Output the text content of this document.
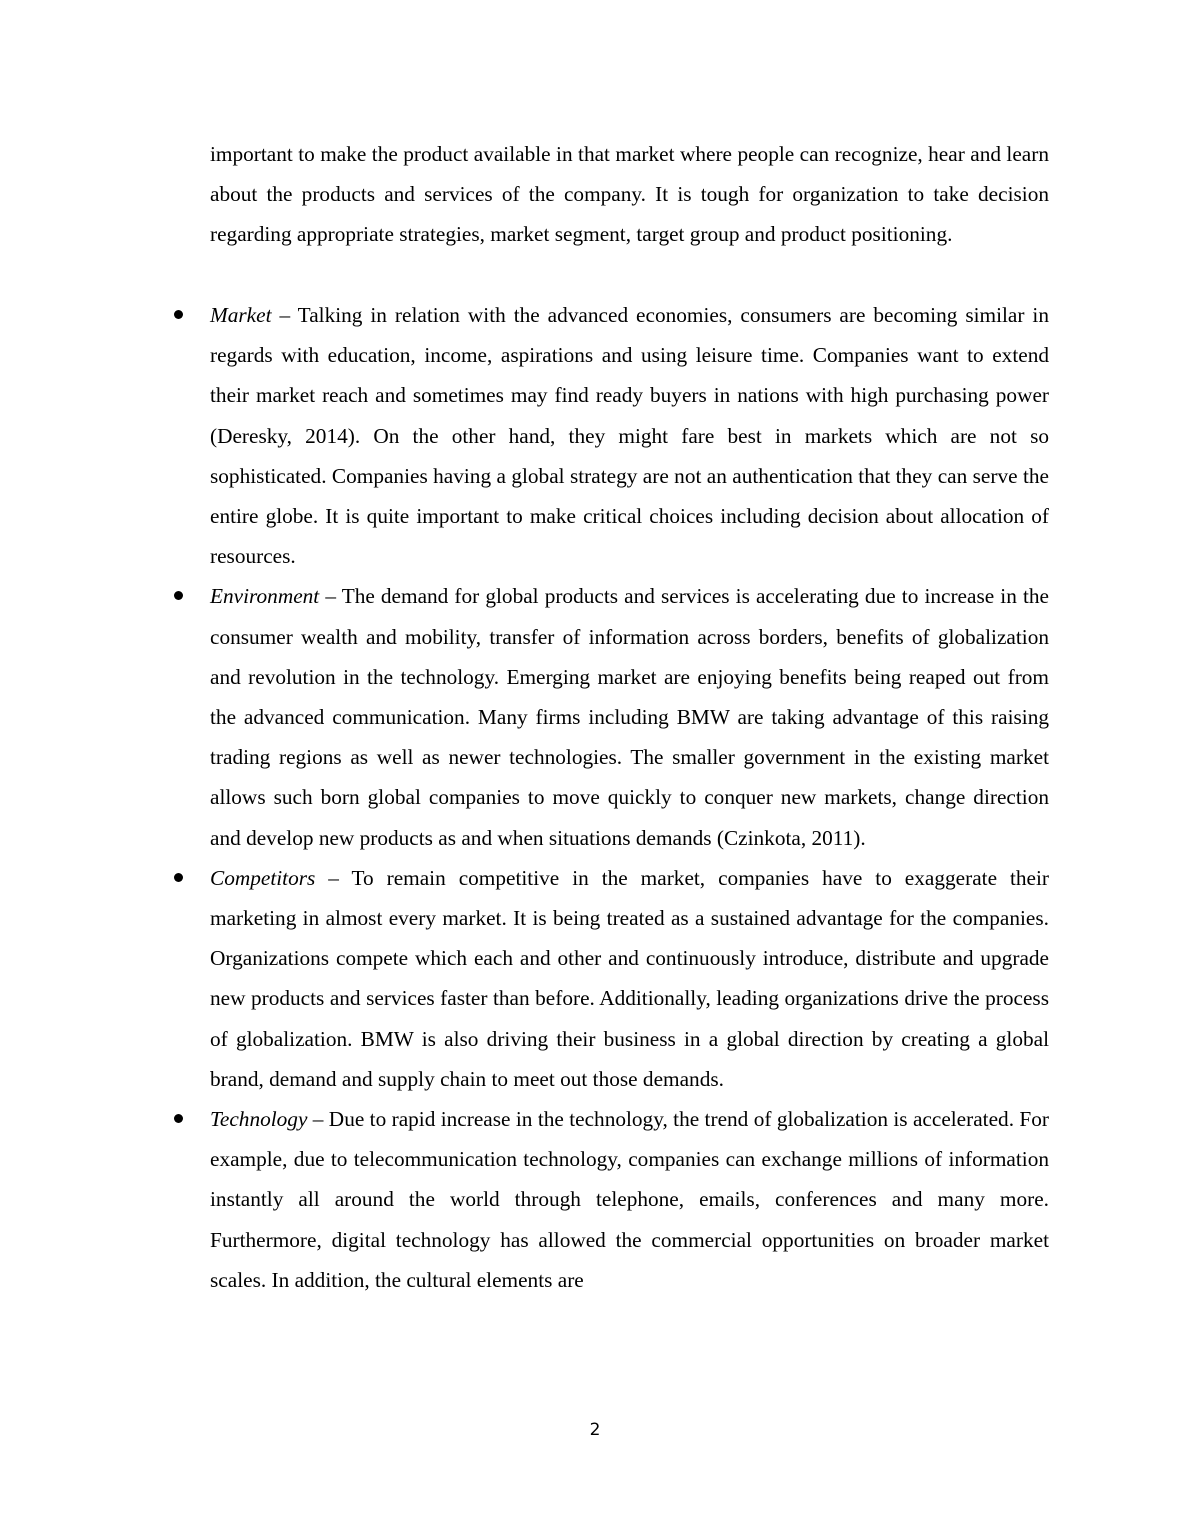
important to make the product available in that market where people can recognize, hear and learn about the products and services of the company. It is tough for organization to take decision regarding appropriate strategies, market segment, target group and product positioning.

Market – Talking in relation with the advanced economies, consumers are becoming similar in regards with education, income, aspirations and using leisure time. Companies want to extend their market reach and sometimes may find ready buyers in nations with high purchasing power (Deresky, 2014). On the other hand, they might fare best in markets which are not so sophisticated. Companies having a global strategy are not an authentication that they can serve the entire globe. It is quite important to make critical choices including decision about allocation of resources.
Environment – The demand for global products and services is accelerating due to increase in the consumer wealth and mobility, transfer of information across borders, benefits of globalization and revolution in the technology. Emerging market are enjoying benefits being reaped out from the advanced communication. Many firms including BMW are taking advantage of this raising trading regions as well as newer technologies. The smaller government in the existing market allows such born global companies to move quickly to conquer new markets, change direction and develop new products as and when situations demands (Czinkota, 2011).
Competitors – To remain competitive in the market, companies have to exaggerate their marketing in almost every market. It is being treated as a sustained advantage for the companies. Organizations compete which each and other and continuously introduce, distribute and upgrade new products and services faster than before. Additionally, leading organizations drive the process of globalization. BMW is also driving their business in a global direction by creating a global brand, demand and supply chain to meet out those demands.
Technology – Due to rapid increase in the technology, the trend of globalization is accelerated. For example, due to telecommunication technology, companies can exchange millions of information instantly all around the world through telephone, emails, conferences and many more. Furthermore, digital technology has allowed the commercial opportunities on broader market scales. In addition, the cultural elements are
2
